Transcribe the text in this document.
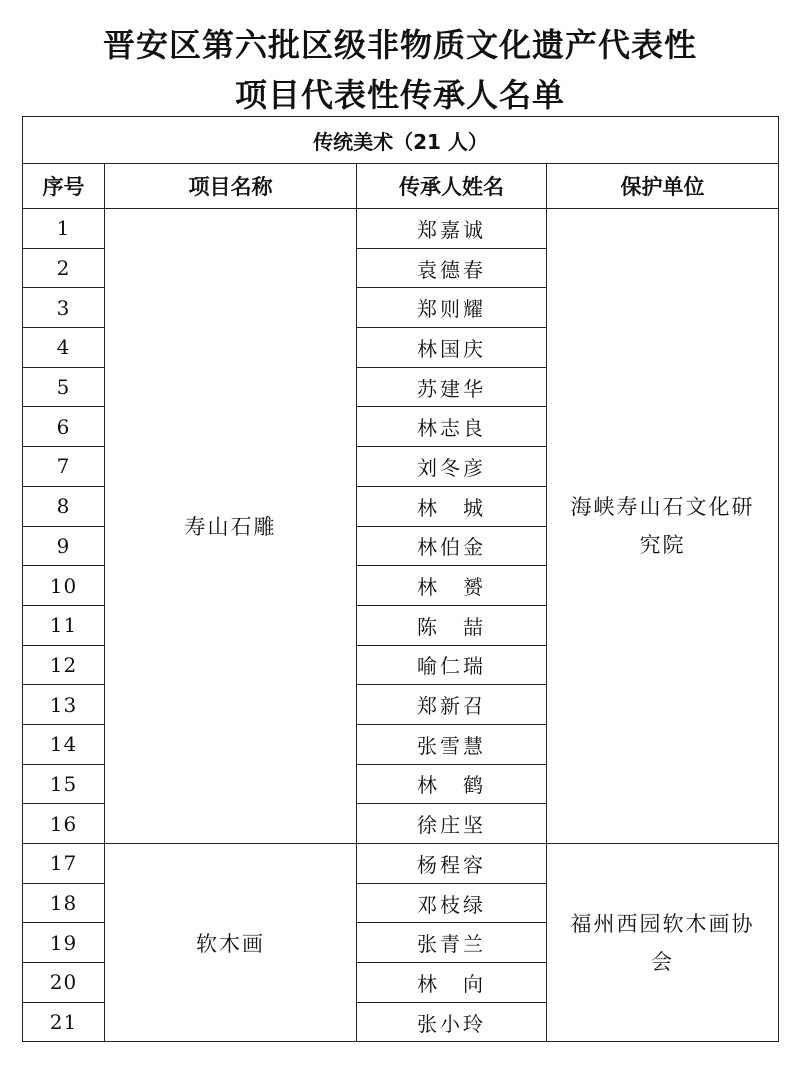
晋安区第六批区级非物质文化遗产代表性
项目代表性传承人名单
传统美术（21 人）			
序号	项目名称	传承人姓名	保护单位
1	寿山石雕	郑嘉诚	海峡寿山石文化研究院
2		袁德春	
3		郑则耀	
4		林国庆	
5		苏建华	
6		林志良	
7		刘冬彦	
8		林　城	
9		林伯金	
10		林　赟	
11		陈　喆	
12		喻仁瑞	
13		郑新召	
14		张雪慧	
15		林　鹤	
16		徐庄坚	
17	软木画	杨程容	福州西园软木画协会
18		邓枝绿	
19		张青兰	
20		林　向	
21		张小玲	
